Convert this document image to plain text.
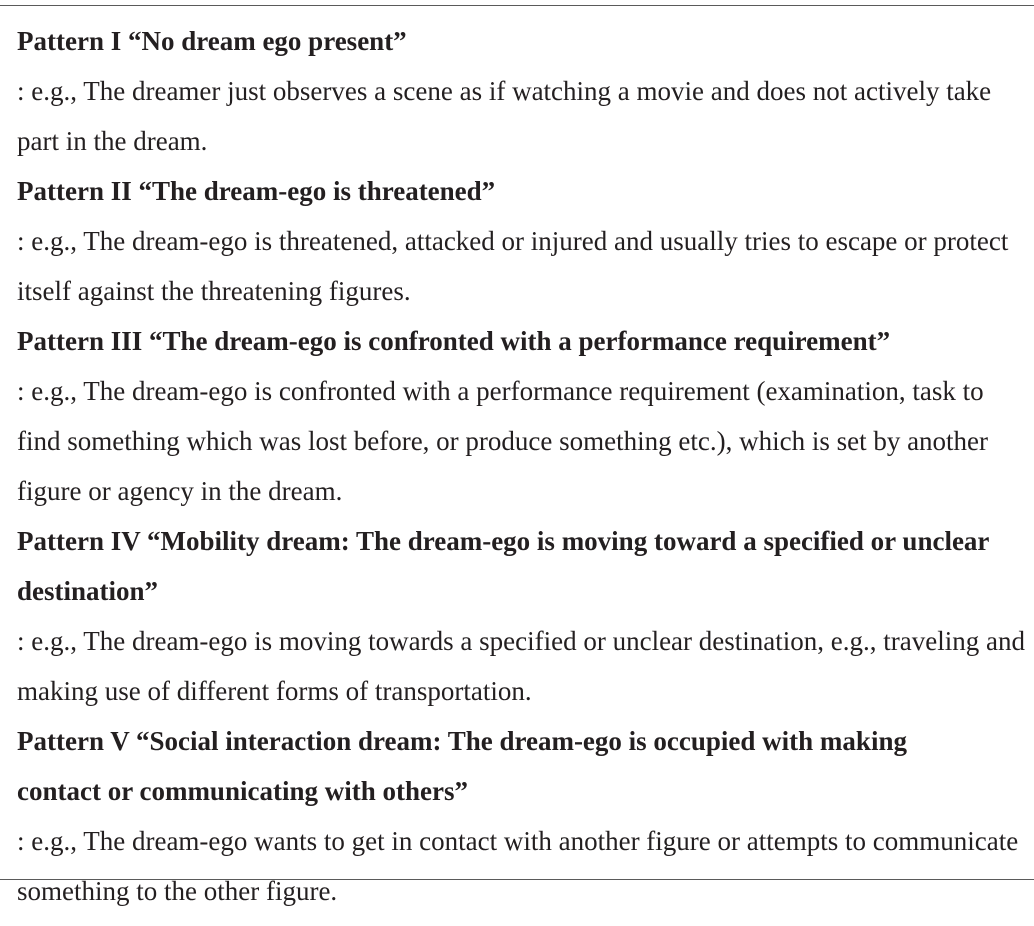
Pattern I “No dream ego present”

: e.g., The dreamer just observes a scene as if watching a movie and does not actively take part in the dream.

Pattern II “The dream-ego is threatened”

: e.g., The dream-ego is threatened, attacked or injured and usually tries to escape or protect itself against the threatening figures.

Pattern III “The dream-ego is confronted with a performance requirement”

: e.g., The dream-ego is confronted with a performance requirement (examination, task to find something which was lost before, or produce something etc.), which is set by another figure or agency in the dream.

Pattern IV “Mobility dream: The dream-ego is moving toward a specified or unclear destination”

: e.g., The dream-ego is moving towards a specified or unclear destination, e.g., traveling and making use of different forms of transportation.

Pattern V “Social interaction dream: The dream-ego is occupied with making contact or communicating with others”

: e.g., The dream-ego wants to get in contact with another figure or attempts to communicate something to the other figure.
